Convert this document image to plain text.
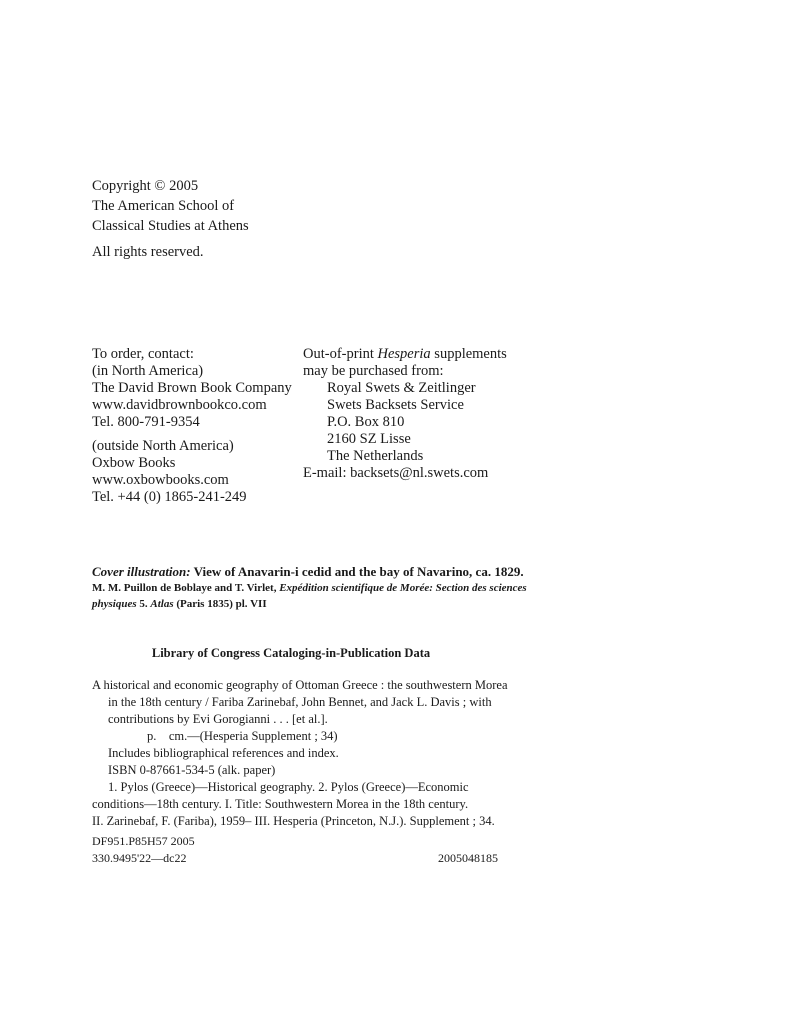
Copyright © 2005
The American School of
Classical Studies at Athens
All rights reserved.
To order, contact:
(in North America)
The David Brown Book Company
www.davidbrownbookco.com
Tel. 800-791-9354
(outside North America)
Oxbow Books
www.oxbowbooks.com
Tel. +44 (0) 1865-241-249
Out-of-print Hesperia supplements
may be purchased from:
Royal Swets & Zeitlinger
Swets Backsets Service
P.O. Box 810
2160 SZ Lisse
The Netherlands
E-mail: backsets@nl.swets.com
Cover illustration: View of Anavarin-i cedid and the bay of Navarino, ca. 1829.
M. M. Puillon de Boblaye and T. Virlet, Expédition scientifique de Morée: Section des sciences
physiques 5. Atlas (Paris 1835) pl. VII
Library of Congress Cataloging-in-Publication Data
A historical and economic geography of Ottoman Greece : the southwestern Morea
in the 18th century / Fariba Zarinebaf, John Bennet, and Jack L. Davis ; with
contributions by Evi Gorogianni . . . [et al.].
p.    cm.—(Hesperia Supplement ; 34)
Includes bibliographical references and index.
ISBN 0-87661-534-5 (alk. paper)
1. Pylos (Greece)—Historical geography. 2. Pylos (Greece)—Economic
conditions—18th century. I. Title: Southwestern Morea in the 18th century.
II. Zarinebaf, F. (Fariba), 1959– III. Hesperia (Princeton, N.J.). Supplement ; 34.
DF951.P85H57 2005
330.9495'22—dc22	2005048185
